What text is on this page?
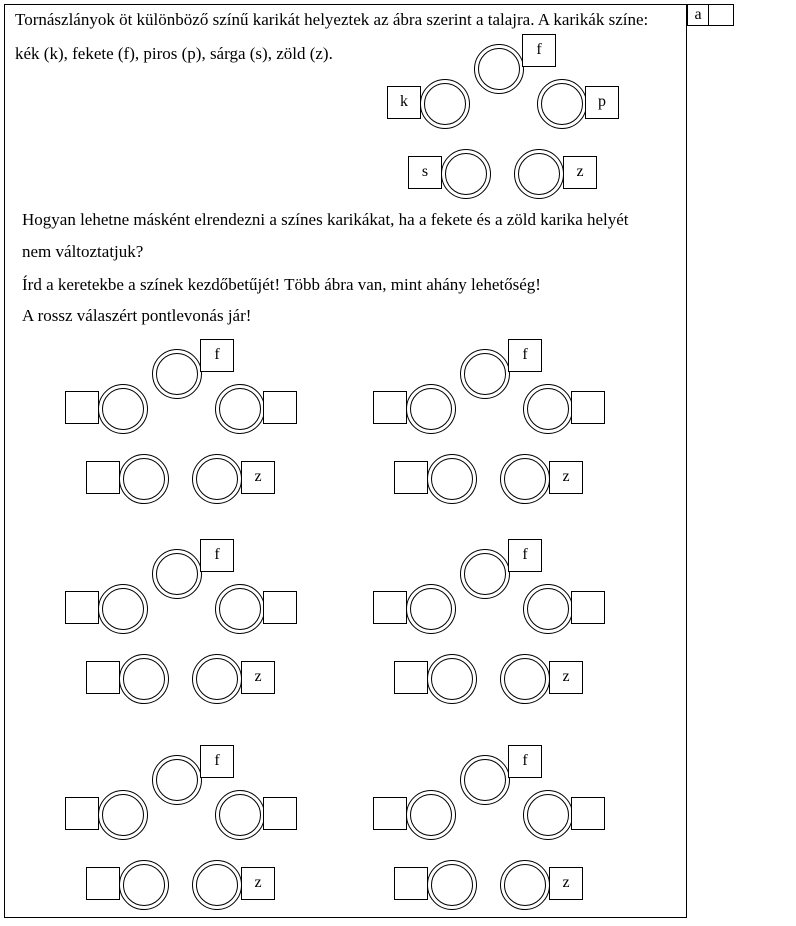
a
Tornászlányok öt különböző színű karikát helyeztek az ábra szerint a talajra. A karikák színe:
kék (k), fekete (f), piros (p), sárga (s), zöld (z).
Hogyan lehetne másként elrendezni a színes karikákat, ha a fekete és a zöld karika helyét
nem változtatjuk?
Írd a keretekbe a színek kezdőbetűjét! Több ábra van, mint ahány lehetőség!
A rossz válaszért pontlevonás jár!
f
k	p
s	z
f
z
f
z
f
z
f
z
f
z
f
z
